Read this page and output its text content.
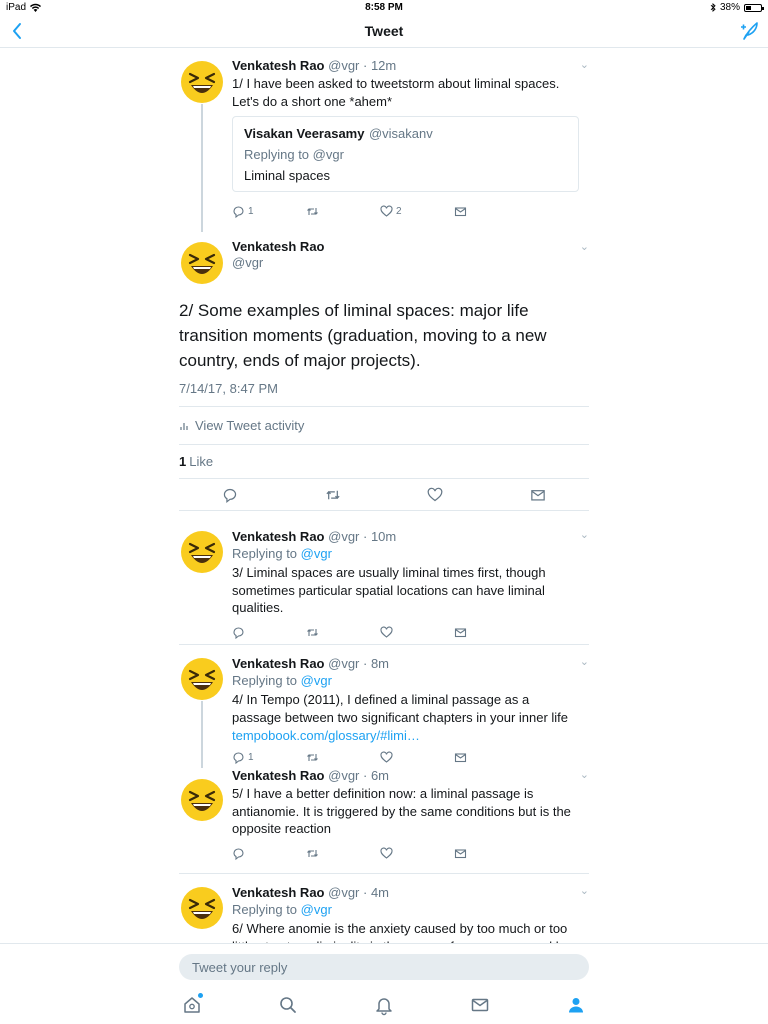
iPad	8:58 PM	38%
Tweet
⌄
Venkatesh Rao @vgr · 12m
1/ I have been asked to tweetstorm about liminal spaces. Let's do a short one *ahem*
Visakan Veerasamy @visakanv
Replying to @vgr
Liminal spaces
1	2
⌄
Venkatesh Rao
@vgr
2/ Some examples of liminal spaces: major life transition moments (graduation, moving to a new country, ends of major projects).
7/14/17, 8:47 PM
View Tweet activity
1 Like
⌄
Venkatesh Rao @vgr · 10m
Replying to @vgr
3/ Liminal spaces are usually liminal times first, though sometimes particular spatial locations can have liminal qualities.
⌄
Venkatesh Rao @vgr · 8m
Replying to @vgr
4/ In Tempo (2011), I defined a liminal passage as a passage between two significant chapters in your inner life
tempobook.com/glossary/#limi…
1
⌄
Venkatesh Rao @vgr · 6m
5/ I have a better definition now: a liminal passage is antianomie. It is triggered by the same conditions but is the opposite reaction
⌄
Venkatesh Rao @vgr · 4m
Replying to @vgr
6/ Where anomie is the anxiety caused by too much or too
Tweet your reply
